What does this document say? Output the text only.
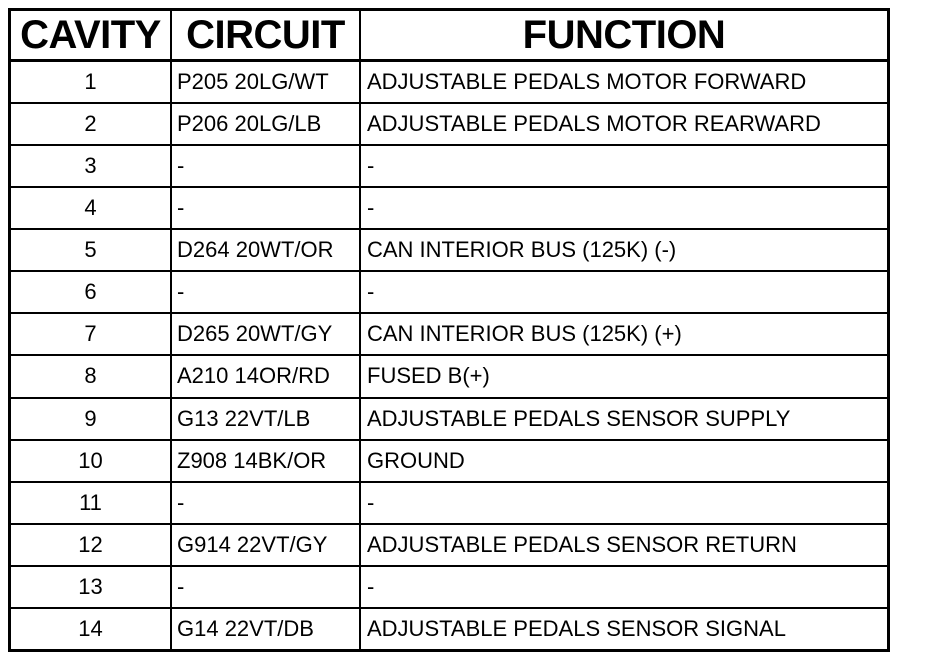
CAVITY	CIRCUIT	FUNCTION
1	P205 20LG/WT	ADJUSTABLE PEDALS MOTOR FORWARD
2	P206 20LG/LB	ADJUSTABLE PEDALS MOTOR REARWARD
3	-	-
4	-	-
5	D264 20WT/OR	CAN INTERIOR BUS (125K) (-)
6	-	-
7	D265 20WT/GY	CAN INTERIOR BUS (125K) (+)
8	A210 14OR/RD	FUSED B(+)
9	G13 22VT/LB	ADJUSTABLE PEDALS SENSOR SUPPLY
10	Z908 14BK/OR	GROUND
11	-	-
12	G914 22VT/GY	ADJUSTABLE PEDALS SENSOR RETURN
13	-	-
14	G14 22VT/DB	ADJUSTABLE PEDALS SENSOR SIGNAL
